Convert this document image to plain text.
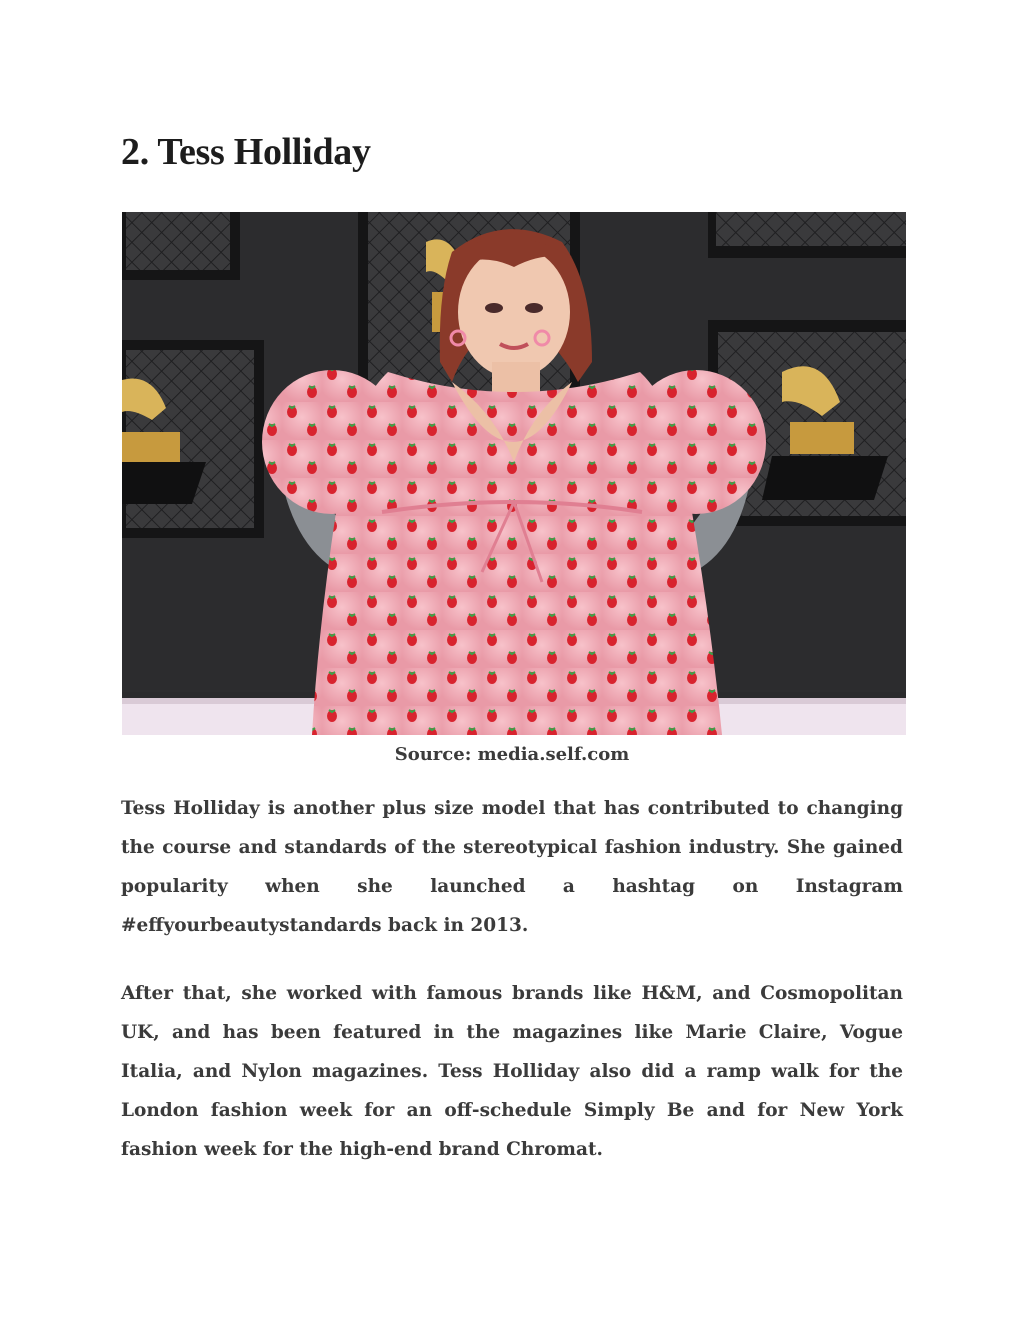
2. Tess Holliday
Source: media.self.com

Tess Holliday is another plus size model that has contributed to changing the course and standards of the stereotypical fashion industry. She gained popularity when she launched a hashtag on Instagram #effyourbeautystandards back in 2013.

After that, she worked with famous brands like H&M, and Cosmopolitan UK, and has been featured in the magazines like Marie Claire, Vogue Italia, and Nylon magazines. Tess Holliday also did a ramp walk for the London fashion week for an off-schedule Simply Be and for New York fashion week for the high-end brand Chromat.
